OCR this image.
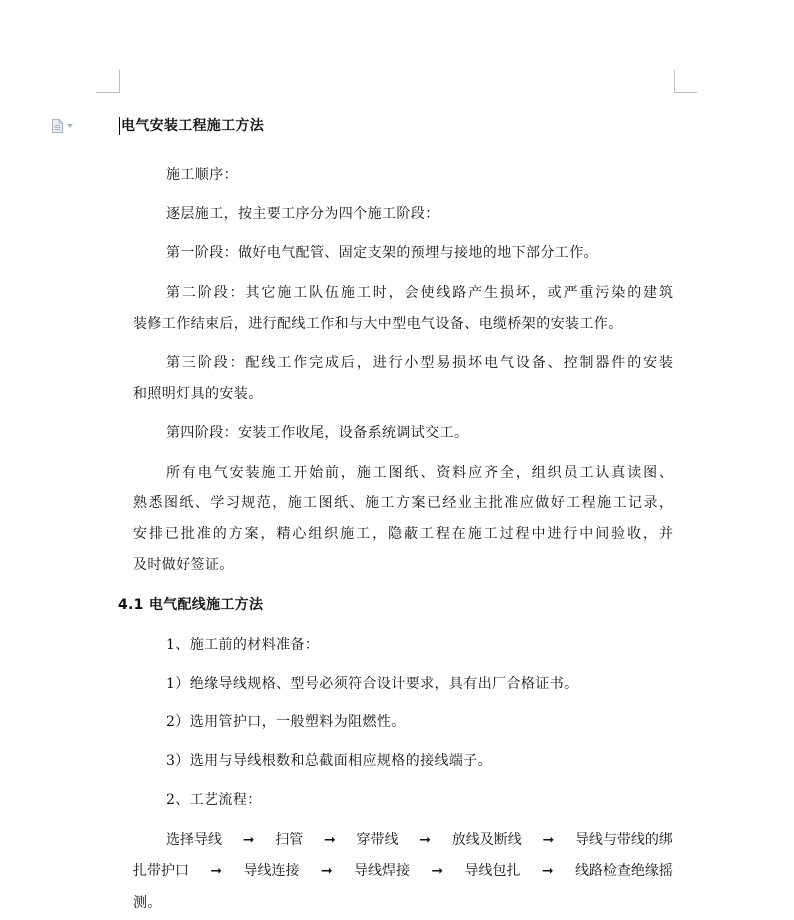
电气安装工程施工方法
施工顺序：
逐层施工，按主要工序分为四个施工阶段：
第一阶段：做好电气配管、固定支架的预埋与接地的地下部分工作。
第二阶段：其它施工队伍施工时，会使线路产生损坏，或严重污染的建筑
装修工作结束后，进行配线工作和与大中型电气设备、电缆桥架的安装工作。
第三阶段：配线工作完成后，进行小型易损坏电气设备、控制器件的安装
和照明灯具的安装。
第四阶段：安装工作收尾，设备系统调试交工。
所有电气安装施工开始前，施工图纸、资料应齐全，组织员工认真读图、
熟悉图纸、学习规范，施工图纸、施工方案已经业主批准应做好工程施工记录，
安排已批准的方案，精心组织施工，隐蔽工程在施工过程中进行中间验收，并
及时做好签证。
4.1 电气配线施工方法
1、施工前的材料准备：
1）绝缘导线规格、型号必须符合设计要求，具有出厂合格证书。
2）选用管护口，一般塑料为阻燃性。
3）选用与导线根数和总截面相应规格的接线端子。
2、工艺流程：
选择导线 ➞ 扫管 ➞ 穿带线 ➞ 放线及断线 ➞ 导线与带线的绑
扎带护口 ➞ 导线连接 ➞ 导线焊接 ➞ 导线包扎 ➞ 线路检查绝缘摇
测。
